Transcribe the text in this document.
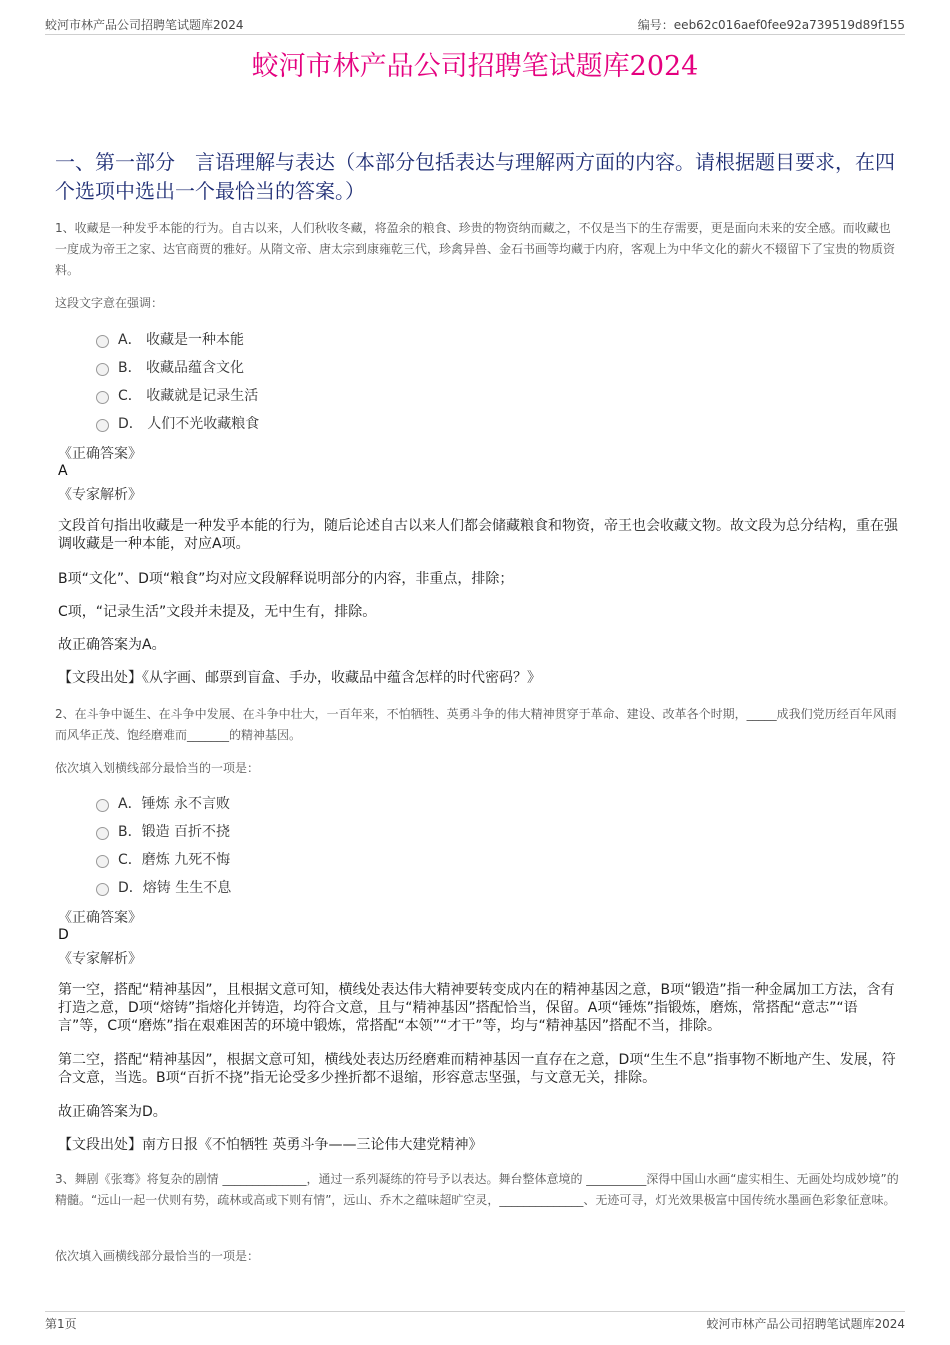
蛟河市林产品公司招聘笔试题库2024	编号：eeb62c016aef0fee92a739519d89f155
蛟河市林产品公司招聘笔试题库2024
一、第一部分　言语理解与表达（本部分包括表达与理解两方面的内容。请根据题目要求，在四个选项中选出一个最恰当的答案。）
1、收藏是一种发乎本能的行为。自古以来，人们秋收冬藏，将盈余的粮食、珍贵的物资纳而藏之，不仅是当下的生存需要，更是面向未来的安全感。而收藏也一度成为帝王之家、达官商贾的雅好。从隋文帝、唐太宗到康雍乾三代，珍禽异兽、金石书画等均藏于内府，客观上为中华文化的薪火不辍留下了宝贵的物质资料。
这段文字意在强调：
A． 收藏是一种本能
B． 收藏品蕴含文化
C． 收藏就是记录生活
D． 人们不光收藏粮食
《正确答案》
A
《专家解析》
文段首句指出收藏是一种发乎本能的行为，随后论述自古以来人们都会储藏粮食和物资，帝王也会收藏文物。故文段为总分结构，重在强调收藏是一种本能，对应A项。
B项“文化”、D项“粮食”均对应文段解释说明部分的内容，非重点，排除；
C项，“记录生活”文段并未提及，无中生有，排除。
故正确答案为A。
【文段出处】《从字画、邮票到盲盒、手办，收藏品中蕴含怎样的时代密码？》
2、在斗争中诞生、在斗争中发展、在斗争中壮大，一百年来，不怕牺牲、英勇斗争的伟大精神贯穿于革命、建设、改革各个时期，_____成我们党历经百年风雨而风华正茂、饱经磨难而_______的精神基因。
依次填入划横线部分最恰当的一项是：
A．锤炼 永不言败
B．锻造 百折不挠
C．磨炼 九死不悔
D．熔铸 生生不息
《正确答案》
D
《专家解析》
第一空，搭配“精神基因”，且根据文意可知，横线处表达伟大精神要转变成内在的精神基因之意，B项“锻造”指一种金属加工方法，含有打造之意，D项“熔铸”指熔化并铸造，均符合文意，且与“精神基因”搭配恰当，保留。A项“锤炼”指锻炼，磨炼，常搭配“意志”“语言”等，C项“磨炼”指在艰难困苦的环境中锻炼，常搭配“本领”“才干”等，均与“精神基因”搭配不当，排除。
第二空，搭配“精神基因”，根据文意可知，横线处表达历经磨难而精神基因一直存在之意，D项“生生不息”指事物不断地产生、发展，符合文意，当选。B项“百折不挠”指无论受多少挫折都不退缩，形容意志坚强，与文意无关，排除。
故正确答案为D。
【文段出处】南方日报《不怕牺牲 英勇斗争——三论伟大建党精神》
3、舞剧《张骞》将复杂的剧情 ______________，通过一系列凝练的符号予以表达。舞台整体意境的 __________深得中国山水画“虚实相生、无画处均成妙境”的精髓。“远山一起一伏则有势，疏林或高或下则有情”，远山、乔木之蕴味超旷空灵，______________、无迹可寻，灯光效果极富中国传统水墨画色彩象征意味。
依次填入画横线部分最恰当的一项是：
第1页	蛟河市林产品公司招聘笔试题库2024
